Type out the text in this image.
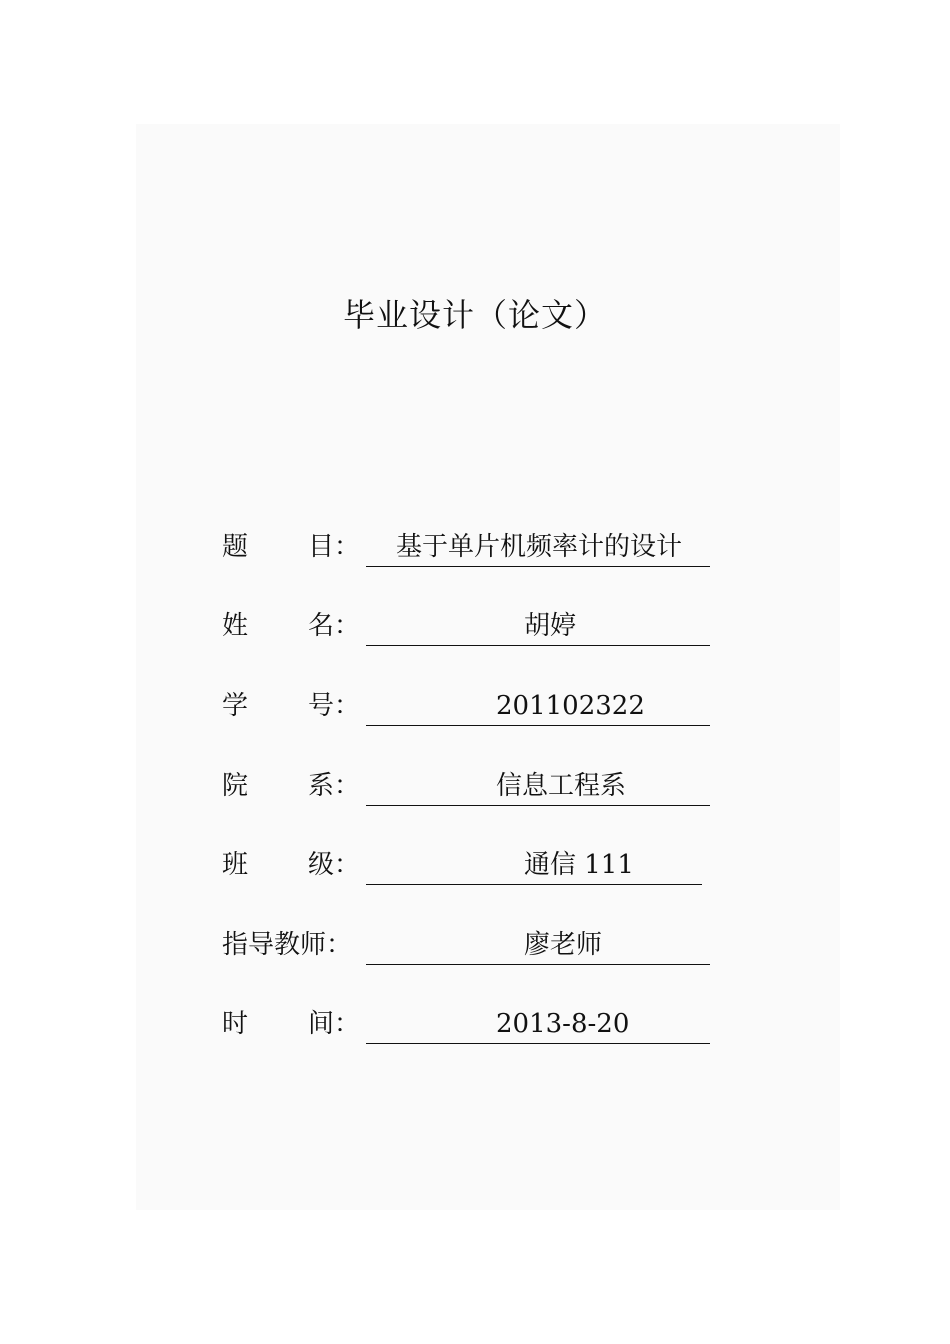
毕业设计（论文）
题 目： 基于单片机频率计的设计
姓 名：	胡婷
学 号：	201102322
院 系：	信息工程系
班 级：	通信 111
指导教师：	廖老师
时 间：	2013-8-20
